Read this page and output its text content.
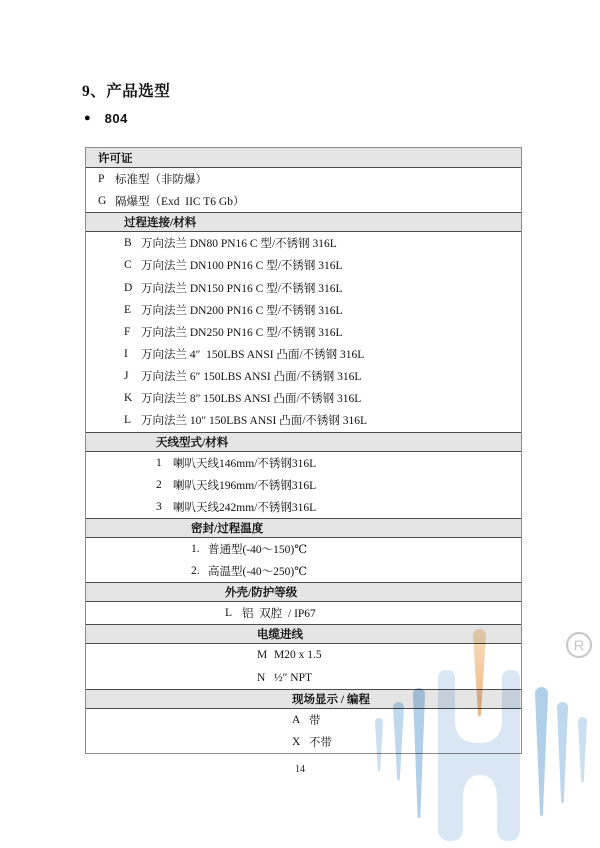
9、产品选型
● 804
许可证
P 标准型（非防爆）
G 隔爆型（Exd  IIC T6 Gb）
过程连接/材料
B 万向法兰 DN80 PN16 C 型/不锈钢 316L
C 万向法兰 DN100 PN16 C 型/不锈钢 316L
D 万向法兰 DN150 PN16 C 型/不锈钢 316L
E 万向法兰 DN200 PN16 C 型/不锈钢 316L
F 万向法兰 DN250 PN16 C 型/不锈钢 316L
I	万向法兰 4″  150LBS ANSI 凸面/不锈钢 316L
J	万向法兰 6″ 150LBS ANSI 凸面/不锈钢 316L
K 万向法兰 8" 150LBS ANSI 凸面/不锈钢 316L
L 万向法兰 10" 150LBS ANSI 凸面/不锈钢 316L
天线型式/材料
1 喇叭天线146mm/不锈钢316L
2 喇叭天线196mm/不锈钢316L
3 喇叭天线242mm/不锈钢316L
密封/过程温度
1. 普通型(-40～150)℃
2. 高温型(-40～250)℃
外壳/防护等级
L 铝  双腔  / IP67
电缆进线
M M20 x 1.5
N ½″ NPT
现场显示 / 编程
A 带
X 不带
14
R
